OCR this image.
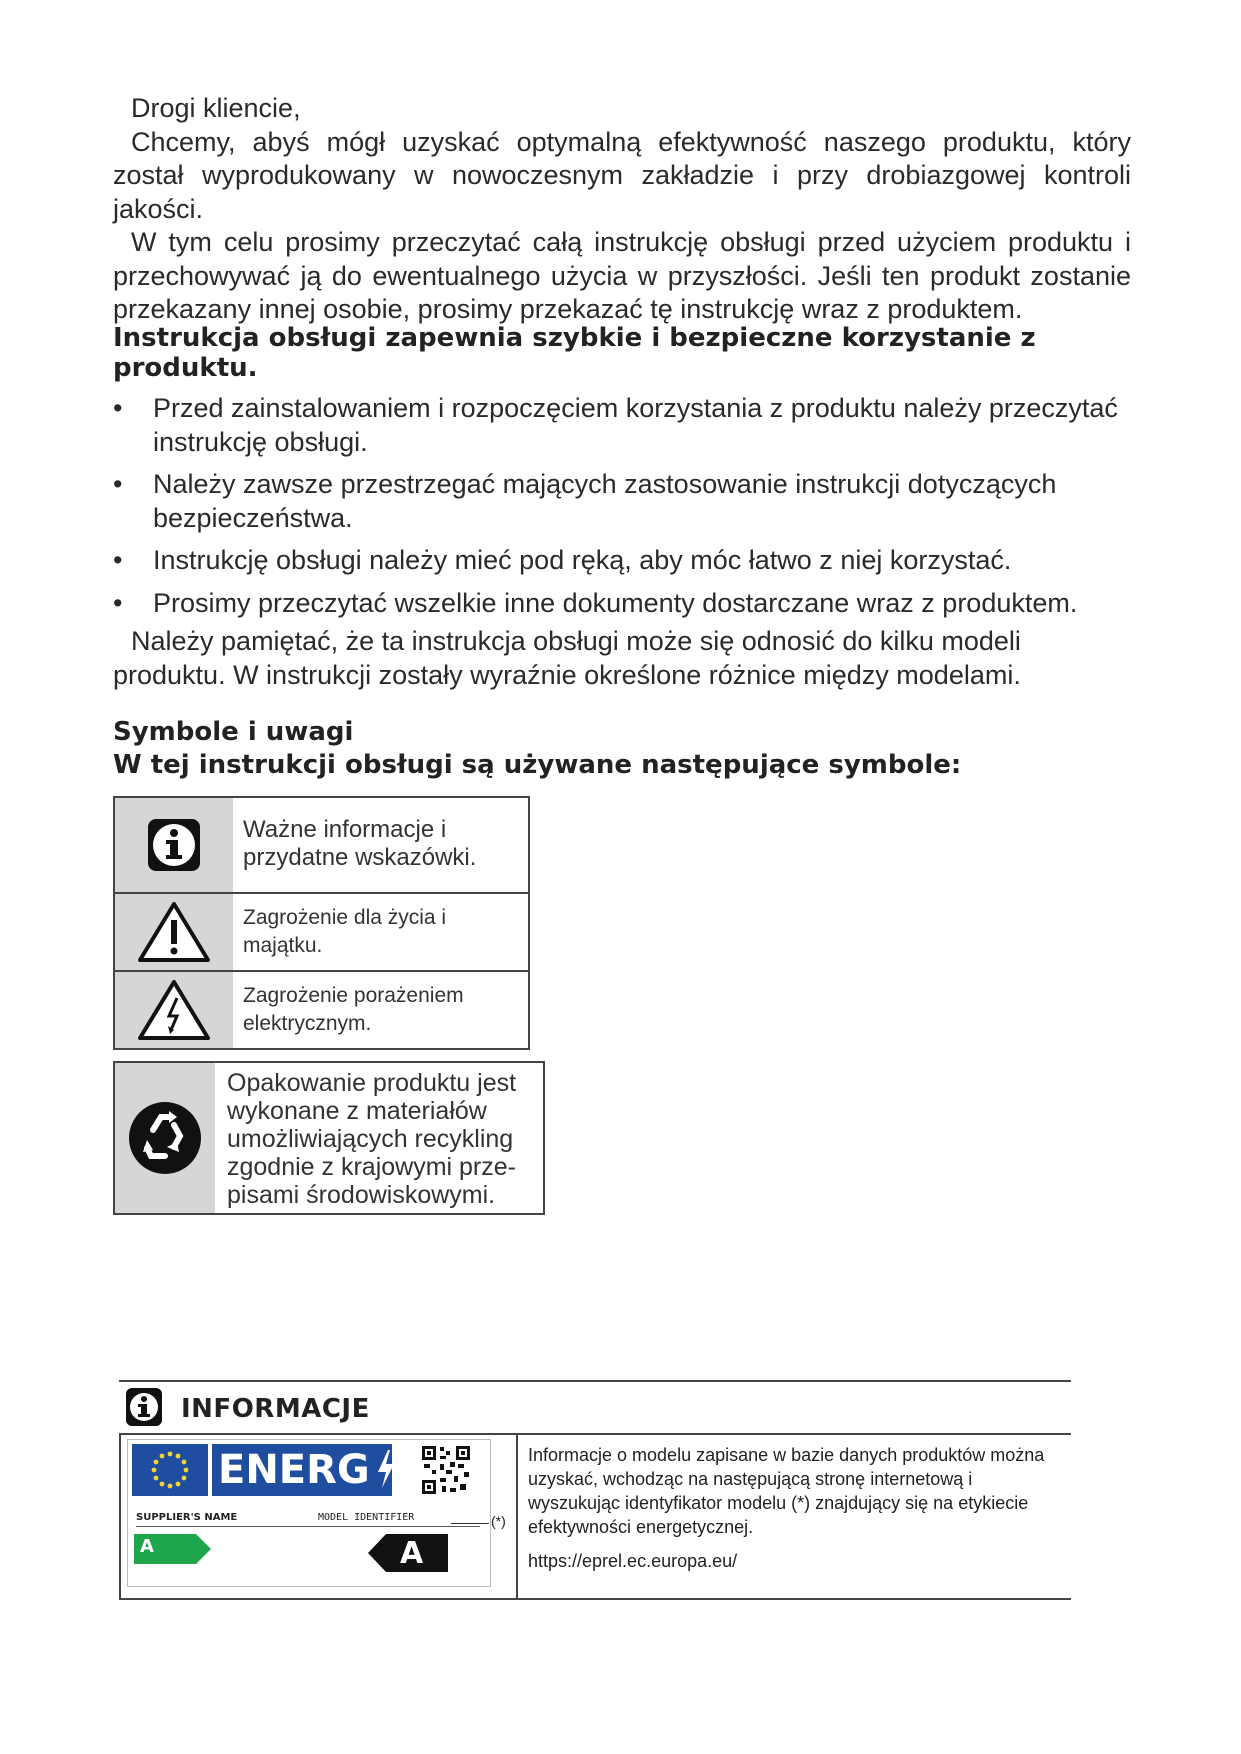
Drogi kliencie,

Chcemy, abyś mógł uzyskać optymalną efektywność naszego produktu, który został wyprodukowany w nowoczesnym zakładzie i przy drobiazgowej kontroli jakości.

W tym celu prosimy przeczytać całą instrukcję obsługi przed użyciem produktu i przechowywać ją do ewentualnego użycia w przyszłości. Jeśli ten produkt zostanie przekazany innej osobie, prosimy przekazać tę instrukcję wraz z produktem.

Instrukcja obsługi zapewnia szybkie i bezpieczne korzystanie z produktu.
• Przed zainstalowaniem i rozpoczęciem korzystania z produktu należy przeczytać instrukcję obsługi.
• Należy zawsze przestrzegać mających zastosowanie instrukcji dotyczących bezpieczeństwa.
• Instrukcję obsługi należy mieć pod ręką, aby móc łatwo z niej korzystać.
• Prosimy przeczytać wszelkie inne dokumenty dostarczane wraz z produktem.

Należy pamiętać, że ta instrukcja obsługi może się odnosić do kilku modeli produktu. W instrukcji zostały wyraźnie określone różnice między modelami.

Symbole i uwagi
W tej instrukcji obsługi są używane następujące symbole:
Ważne informacje i przydatne wskazówki.
Zagrożenie dla życia i majątku.
Zagrożenie porażeniem elektrycznym.
Opakowanie produktu jest wykonane z materiałów umożliwiających recykling zgodnie z krajowymi prze-pisami środowiskowymi.
INFORMACJE
ENERG
SUPPLIER'S NAME	MODEL IDENTIFIER
A	A
(*)
Informacje o modelu zapisane w bazie danych produktów można uzyskać, wchodząc na następującą stronę internetową i wyszukując identyfikator modelu (*) znajdujący się na etykiecie efektywności energetycznej.
https://eprel.ec.europa.eu/
